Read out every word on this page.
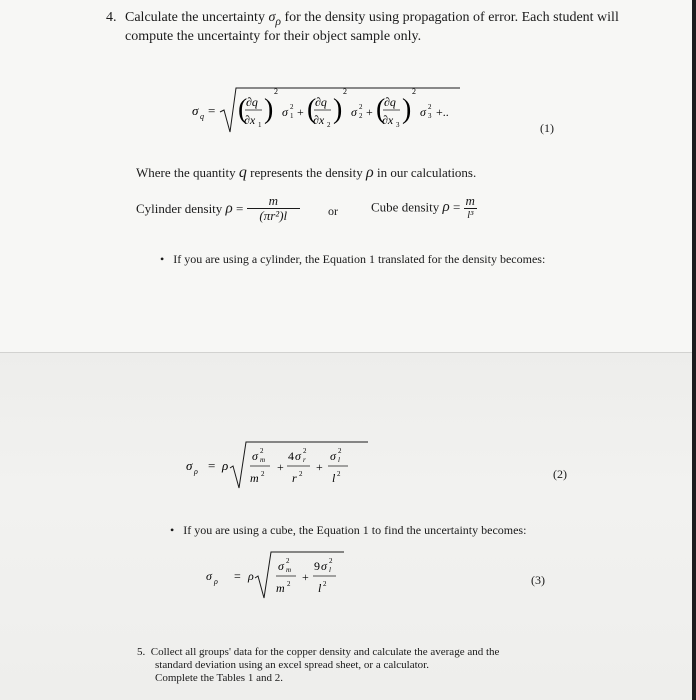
4. Calculate the uncertainty $\sigma_\rho$ for the density using propagation of error. Each student will
compute the uncertainty for their object sample only.
σ q = (
∂q
∂x 1 )
2
σ 1
2 + (
∂q
∂x 2 )
2
σ 2
2 + (
∂q
∂x 3 )
2
σ 3
2 +..
(1)
Where the quantity q represents the density ρ in our calculations.
Cylinder density $\rho = \frac{m}{\text{(πr²)l}}$ or	Cube density $\rho = \frac{m}{\text{l³}}$
• If you are using a cylinder, the Equation 1 translated for the density becomes:
σ ρ = ρ
σ m
2
m 2 +
4 σ r
2
r 2 +
σ l
2
l 2	(2)
• If you are using a cube, the Equation 1 to find the uncertainty becomes:
σ ρ = ρ
σ m
2
m 2 +
9 σ l
2
l 2	(3)
5. Collect all groups' data for the copper density and calculate the average and the
standard deviation using an excel spread sheet, or a calculator.
Complete the Tables 1 and 2.
